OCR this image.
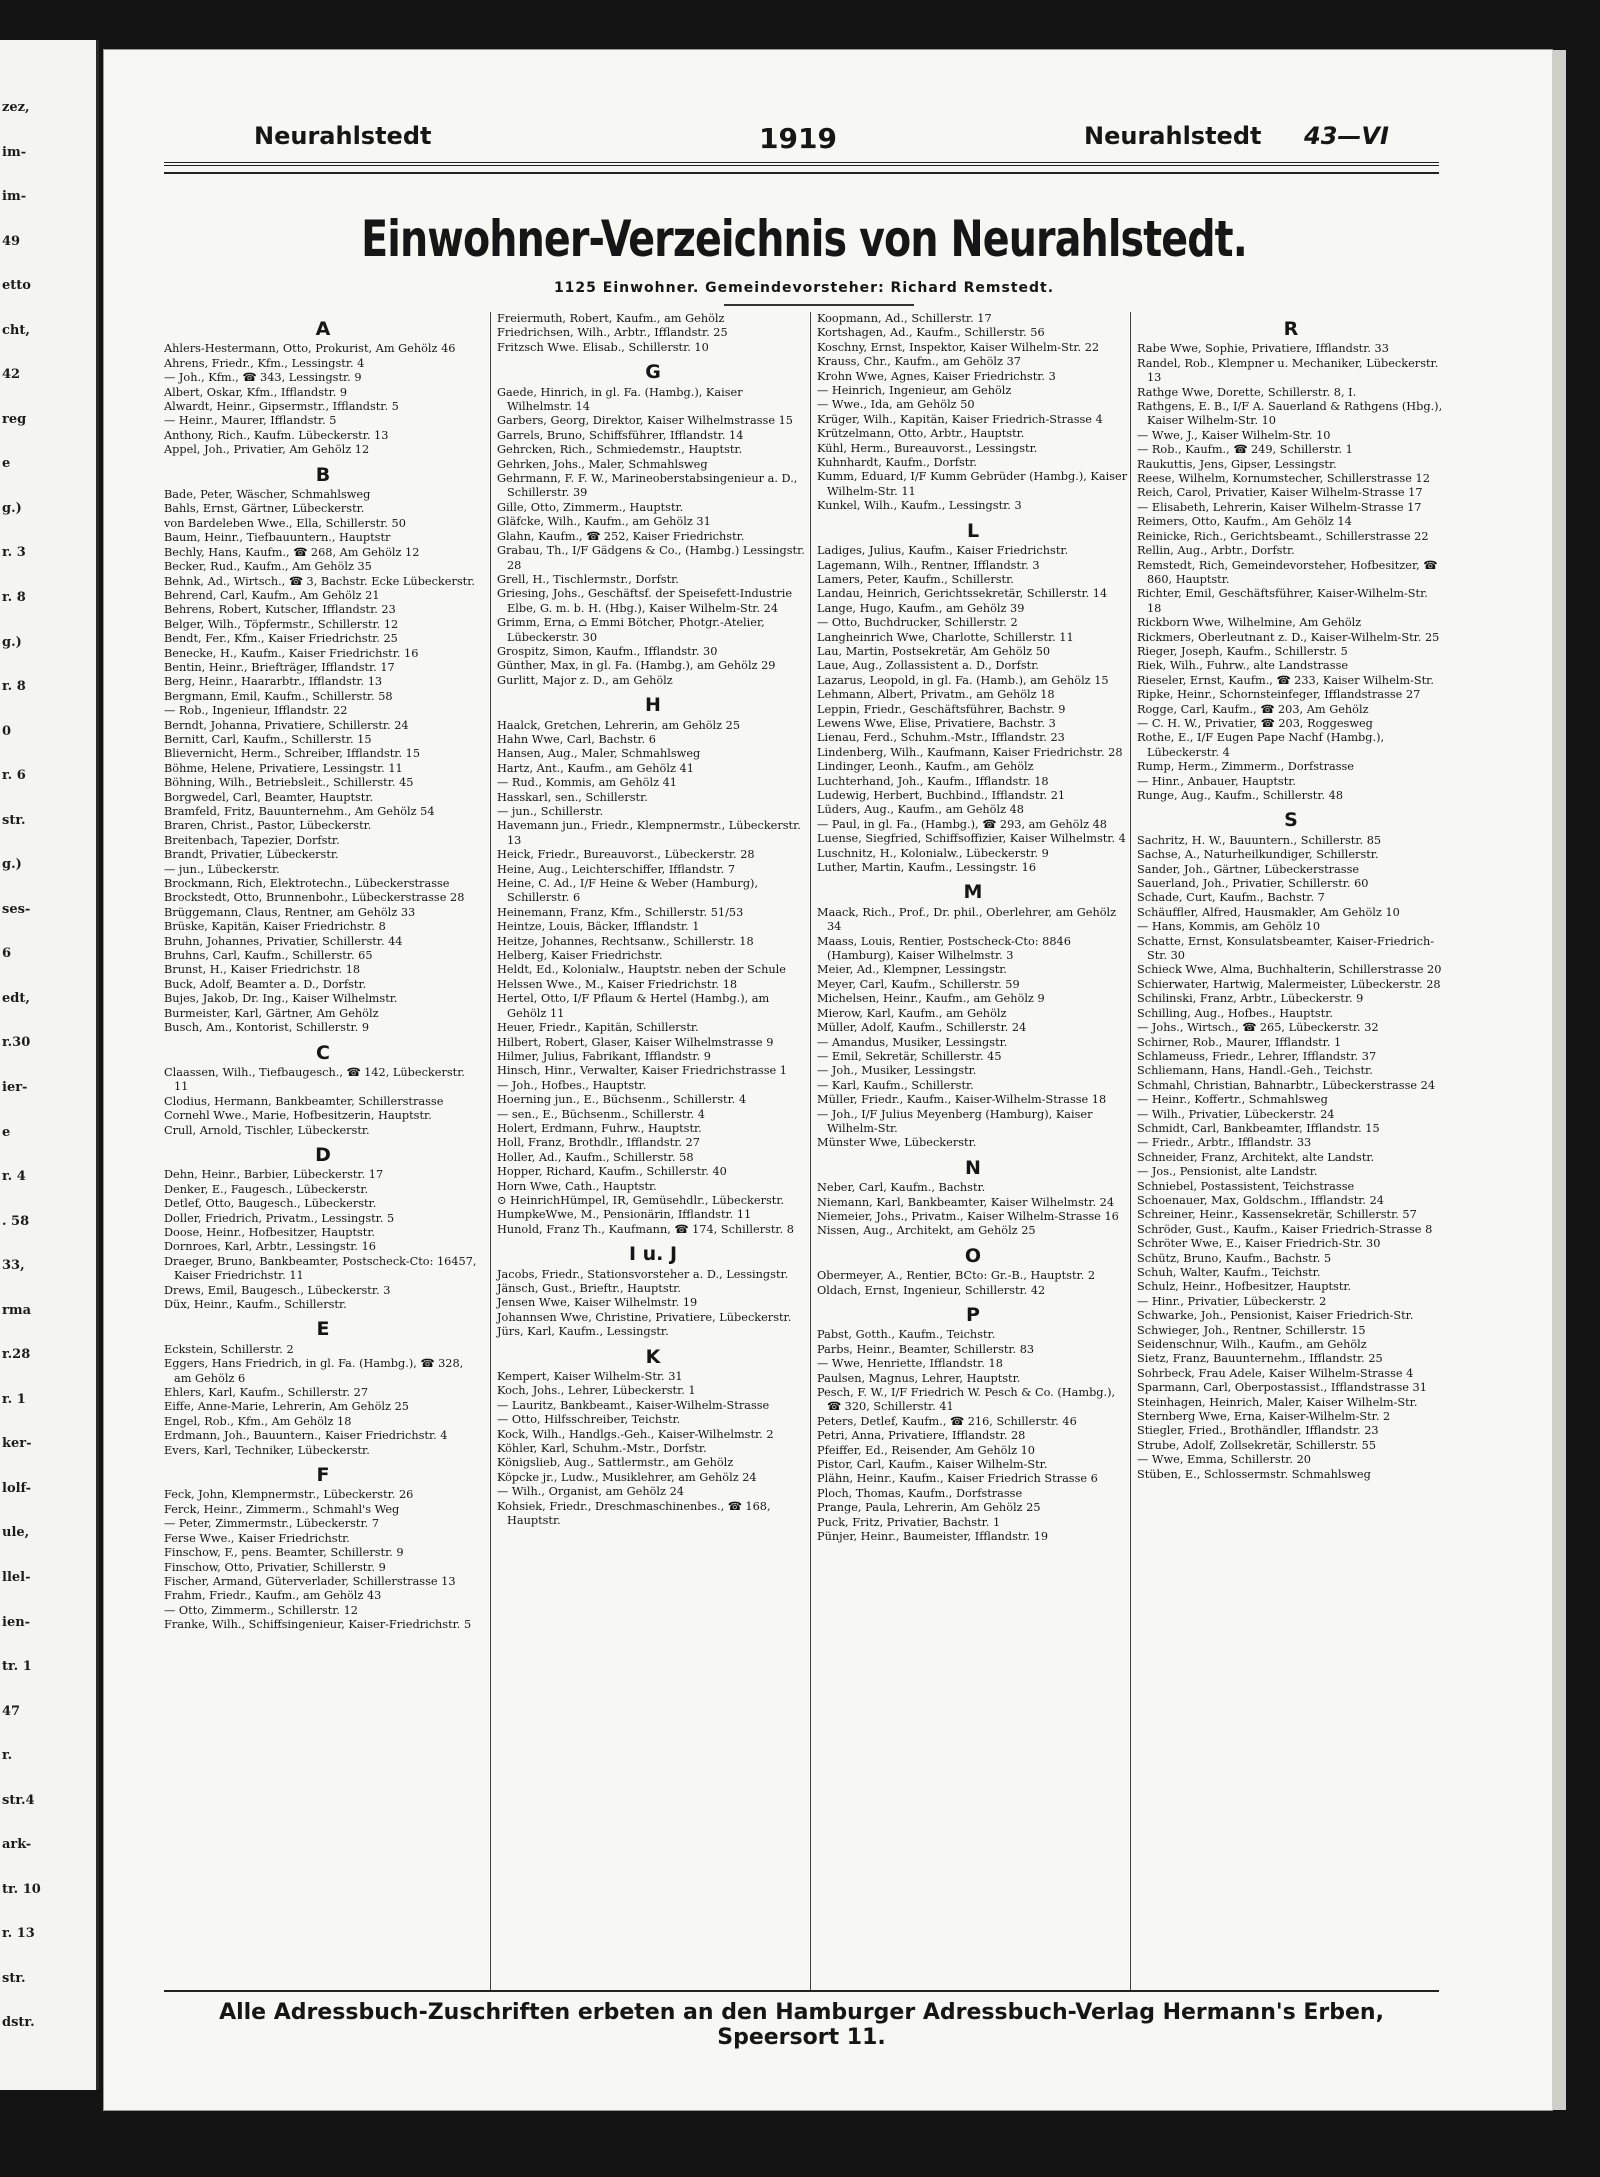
zez,
im-
im-
49
etto
cht,
42
reg
e
g.)
r. 3
r. 8
g.)
r. 8
0
r. 6
str.
g.)
ses-
6
edt,
r.30
ier-
e
r. 4
. 58
33,
rma
r.28
r. 1
ker-
lolf-
ule,
llel-
ien-
tr. 1
47
r.
str.4
ark-
tr. 10
r. 13
str.
dstr.
Neurahlstedt	1919	Neurahlstedt 43—VI
Einwohner-Verzeichnis von Neurahlstedt.
1125 Einwohner. Gemeindevorsteher: Richard Remstedt.
A
Ahlers-Hestermann, Otto, Prokurist, Am Gehölz 46
Ahrens, Friedr., Kfm., Lessingstr. 4
— Joh., Kfm., ☎ 343, Lessingstr. 9
Albert, Oskar, Kfm., Ifflandstr. 9
Alwardt, Heinr., Gipsermstr., Ifflandstr. 5
— Heinr., Maurer, Ifflandstr. 5
Anthony, Rich., Kaufm. Lübeckerstr. 13
Appel, Joh., Privatier, Am Gehölz 12
B
Bade, Peter, Wäscher, Schmahlsweg
Bahls, Ernst, Gärtner, Lübeckerstr.
von Bardeleben Wwe., Ella, Schillerstr. 50
Baum, Heinr., Tiefbauuntern., Hauptstr
Bechly, Hans, Kaufm., ☎ 268, Am Gehölz 12
Becker, Rud., Kaufm., Am Gehölz 35
Behnk, Ad., Wirtsch., ☎ 3, Bachstr. Ecke Lübeckerstr.
Behrend, Carl, Kaufm., Am Gehölz 21
Behrens, Robert, Kutscher, Ifflandstr. 23
Belger, Wilh., Töpfermstr., Schillerstr. 12
Bendt, Fer., Kfm., Kaiser Friedrichstr. 25
Benecke, H., Kaufm., Kaiser Friedrichstr. 16
Bentin, Heinr., Briefträger, Ifflandstr. 17
Berg, Heinr., Haararbtr., Ifflandstr. 13
Bergmann, Emil, Kaufm., Schillerstr. 58
— Rob., Ingenieur, Ifflandstr. 22
Berndt, Johanna, Privatiere, Schillerstr. 24
Bernitt, Carl, Kaufm., Schillerstr. 15
Blievernicht, Herm., Schreiber, Ifflandstr. 15
Böhme, Helene, Privatiere, Lessingstr. 11
Böhning, Wilh., Betriebsleit., Schillerstr. 45
Borgwedel, Carl, Beamter, Hauptstr.
Bramfeld, Fritz, Bauunternehm., Am Gehölz 54
Braren, Christ., Pastor, Lübeckerstr.
Breitenbach, Tapezier, Dorfstr.
Brandt, Privatier, Lübeckerstr.
— jun., Lübeckerstr.
Brockmann, Rich, Elektrotechn., Lübeckerstrasse
Brockstedt, Otto, Brunnenbohr., Lübeckerstrasse 28
Brüggemann, Claus, Rentner, am Gehölz 33
Brüske, Kapitän, Kaiser Friedrichstr. 8
Bruhn, Johannes, Privatier, Schillerstr. 44
Bruhns, Carl, Kaufm., Schillerstr. 65
Brunst, H., Kaiser Friedrichstr. 18
Buck, Adolf, Beamter a. D., Dorfstr.
Bujes, Jakob, Dr. Ing., Kaiser Wilhelmstr.
Burmeister, Karl, Gärtner, Am Gehölz
Busch, Am., Kontorist, Schillerstr. 9
C
Claassen, Wilh., Tiefbaugesch., ☎ 142, Lübeckerstr. 11
Clodius, Hermann, Bankbeamter, Schillerstrasse
Cornehl Wwe., Marie, Hofbesitzerin, Hauptstr.
Crull, Arnold, Tischler, Lübeckerstr.
D
Dehn, Heinr., Barbier, Lübeckerstr. 17
Denker, E., Faugesch., Lübeckerstr.
Detlef, Otto, Baugesch., Lübeckerstr.
Doller, Friedrich, Privatm., Lessingstr. 5
Doose, Heinr., Hofbesitzer, Hauptstr.
Dornroes, Karl, Arbtr., Lessingstr. 16
Draeger, Bruno, Bankbeamter, Postscheck-Cto: 16457, Kaiser Friedrichstr. 11
Drews, Emil, Baugesch., Lübeckerstr. 3
Düx, Heinr., Kaufm., Schillerstr.
E
Eckstein, Schillerstr. 2
Eggers, Hans Friedrich, in gl. Fa. (Hambg.), ☎ 328, am Gehölz 6
Ehlers, Karl, Kaufm., Schillerstr. 27
Eiffe, Anne-Marie, Lehrerin, Am Gehölz 25
Engel, Rob., Kfm., Am Gehölz 18
Erdmann, Joh., Bauuntern., Kaiser Friedrichstr. 4
Evers, Karl, Techniker, Lübeckerstr.
F
Feck, John, Klempnermstr., Lübeckerstr. 26
Ferck, Heinr., Zimmerm., Schmahl's Weg
— Peter, Zimmermstr., Lübeckerstr. 7
Ferse Wwe., Kaiser Friedrichstr.
Finschow, F., pens. Beamter, Schillerstr. 9
Finschow, Otto, Privatier, Schillerstr. 9
Fischer, Armand, Güterverlader, Schillerstrasse 13
Frahm, Friedr., Kaufm., am Gehölz 43
— Otto, Zimmerm., Schillerstr. 12
Franke, Wilh., Schiffsingenieur, Kaiser-Friedrichstr. 5
Freiermuth, Robert, Kaufm., am Gehölz
Friedrichsen, Wilh., Arbtr., Ifflandstr. 25
Fritzsch Wwe. Elisab., Schillerstr. 10
G
Gaede, Hinrich, in gl. Fa. (Hambg.), Kaiser Wilhelmstr. 14
Garbers, Georg, Direktor, Kaiser Wilhelmstrasse 15
Garrels, Bruno, Schiffsführer, Ifflandstr. 14
Gehrcken, Rich., Schmiedemstr., Hauptstr.
Gehrken, Johs., Maler, Schmahlsweg
Gehrmann, F. F. W., Marineoberstabsingenieur a. D., Schillerstr. 39
Gille, Otto, Zimmerm., Hauptstr.
Gläfcke, Wilh., Kaufm., am Gehölz 31
Glahn, Kaufm., ☎ 252, Kaiser Friedrichstr.
Grabau, Th., I/F Gädgens & Co., (Hambg.) Lessingstr. 28
Grell, H., Tischlermstr., Dorfstr.
Griesing, Johs., Geschäftsf. der Speisefett-Industrie Elbe, G. m. b. H. (Hbg.), Kaiser Wilhelm-Str. 24
Grimm, Erna, ⌂ Emmi Bötcher, Photgr.-Atelier, Lübeckerstr. 30
Grospitz, Simon, Kaufm., Ifflandstr. 30
Günther, Max, in gl. Fa. (Hambg.), am Gehölz 29
Gurlitt, Major z. D., am Gehölz
H
Haalck, Gretchen, Lehrerin, am Gehölz 25
Hahn Wwe, Carl, Bachstr. 6
Hansen, Aug., Maler, Schmahlsweg
Hartz, Ant., Kaufm., am Gehölz 41
— Rud., Kommis, am Gehölz 41
Hasskarl, sen., Schillerstr.
— jun., Schillerstr.
Havemann jun., Friedr., Klempnermstr., Lübeckerstr. 13
Heick, Friedr., Bureauvorst., Lübeckerstr. 28
Heine, Aug., Leichterschiffer, Ifflandstr. 7
Heine, C. Ad., I/F Heine & Weber (Hamburg), Schillerstr. 6
Heinemann, Franz, Kfm., Schillerstr. 51/53
Heintze, Louis, Bäcker, Ifflandstr. 1
Heitze, Johannes, Rechtsanw., Schillerstr. 18
Helberg, Kaiser Friedrichstr.
Heldt, Ed., Kolonialw., Hauptstr. neben der Schule
Helssen Wwe., M., Kaiser Friedrichstr. 18
Hertel, Otto, I/F Pflaum & Hertel (Hambg.), am Gehölz 11
Heuer, Friedr., Kapitän, Schillerstr.
Hilbert, Robert, Glaser, Kaiser Wilhelmstrasse 9
Hilmer, Julius, Fabrikant, Ifflandstr. 9
Hinsch, Hinr., Verwalter, Kaiser Friedrichstrasse 1
— Joh., Hofbes., Hauptstr.
Hoerning jun., E., Büchsenm., Schillerstr. 4
— sen., E., Büchsenm., Schillerstr. 4
Holert, Erdmann, Fuhrw., Hauptstr.
Holl, Franz, Brothdlr., Ifflandstr. 27
Holler, Ad., Kaufm., Schillerstr. 58
Hopper, Richard, Kaufm., Schillerstr. 40
Horn Wwe, Cath., Hauptstr.
⊙ HeinrichHümpel, IR, Gemüsehdlr., Lübeckerstr.
HumpkeWwe, M., Pensionärin, Ifflandstr. 11
Hunold, Franz Th., Kaufmann, ☎ 174, Schillerstr. 8
I u. J
Jacobs, Friedr., Stationsvorsteher a. D., Lessingstr.
Jänsch, Gust., Brieftr., Hauptstr.
Jensen Wwe, Kaiser Wilhelmstr. 19
Johannsen Wwe, Christine, Privatiere, Lübeckerstr.
Jürs, Karl, Kaufm., Lessingstr.
K
Kempert, Kaiser Wilhelm-Str. 31
Koch, Johs., Lehrer, Lübeckerstr. 1
— Lauritz, Bankbeamt., Kaiser-Wilhelm-Strasse
— Otto, Hilfsschreiber, Teichstr.
Kock, Wilh., Handlgs.-Geh., Kaiser-Wilhelmstr. 2
Köhler, Karl, Schuhm.-Mstr., Dorfstr.
Königslieb, Aug., Sattlermstr., am Gehölz
Köpcke jr., Ludw., Musiklehrer, am Gehölz 24
— Wilh., Organist, am Gehölz 24
Kohsiek, Friedr., Dreschmaschinenbes., ☎ 168, Hauptstr.
Koopmann, Ad., Schillerstr. 17
Kortshagen, Ad., Kaufm., Schillerstr. 56
Koschny, Ernst, Inspektor, Kaiser Wilhelm-Str. 22
Krauss, Chr., Kaufm., am Gehölz 37
Krohn Wwe, Agnes, Kaiser Friedrichstr. 3
— Heinrich, Ingenieur, am Gehölz
— Wwe., Ida, am Gehölz 50
Krüger, Wilh., Kapitän, Kaiser Friedrich-Strasse 4
Krützelmann, Otto, Arbtr., Hauptstr.
Kühl, Herm., Bureauvorst., Lessingstr.
Kuhnhardt, Kaufm., Dorfstr.
Kumm, Eduard, I/F Kumm Gebrüder (Hambg.), Kaiser Wilhelm-Str. 11
Kunkel, Wilh., Kaufm., Lessingstr. 3
L
Ladiges, Julius, Kaufm., Kaiser Friedrichstr.
Lagemann, Wilh., Rentner, Ifflandstr. 3
Lamers, Peter, Kaufm., Schillerstr.
Landau, Heinrich, Gerichtssekretär, Schillerstr. 14
Lange, Hugo, Kaufm., am Gehölz 39
— Otto, Buchdrucker, Schillerstr. 2
Langheinrich Wwe, Charlotte, Schillerstr. 11
Lau, Martin, Postsekretär, Am Gehölz 50
Laue, Aug., Zollassistent a. D., Dorfstr.
Lazarus, Leopold, in gl. Fa. (Hamb.), am Gehölz 15
Lehmann, Albert, Privatm., am Gehölz 18
Leppin, Friedr., Geschäftsführer, Bachstr. 9
Lewens Wwe, Elise, Privatiere, Bachstr. 3
Lienau, Ferd., Schuhm.-Mstr., Ifflandstr. 23
Lindenberg, Wilh., Kaufmann, Kaiser Friedrichstr. 28
Lindinger, Leonh., Kaufm., am Gehölz
Luchterhand, Joh., Kaufm., Ifflandstr. 18
Ludewig, Herbert, Buchbind., Ifflandstr. 21
Lüders, Aug., Kaufm., am Gehölz 48
— Paul, in gl. Fa., (Hambg.), ☎ 293, am Gehölz 48
Luense, Siegfried, Schiffsoffizier, Kaiser Wilhelmstr. 4
Luschnitz, H., Kolonialw., Lübeckerstr. 9
Luther, Martin, Kaufm., Lessingstr. 16
M
Maack, Rich., Prof., Dr. phil., Oberlehrer, am Gehölz 34
Maass, Louis, Rentier, Postscheck-Cto: 8846 (Hamburg), Kaiser Wilhelmstr. 3
Meier, Ad., Klempner, Lessingstr.
Meyer, Carl, Kaufm., Schillerstr. 59
Michelsen, Heinr., Kaufm., am Gehölz 9
Mierow, Karl, Kaufm., am Gehölz
Müller, Adolf, Kaufm., Schillerstr. 24
— Amandus, Musiker, Lessingstr.
— Emil, Sekretär, Schillerstr. 45
— Joh., Musiker, Lessingstr.
— Karl, Kaufm., Schillerstr.
Müller, Friedr., Kaufm., Kaiser-Wilhelm-Strasse 18
— Joh., I/F Julius Meyenberg (Hamburg), Kaiser Wilhelm-Str.
Münster Wwe, Lübeckerstr.
N
Neber, Carl, Kaufm., Bachstr.
Niemann, Karl, Bankbeamter, Kaiser Wilhelmstr. 24
Niemeier, Johs., Privatm., Kaiser Wilhelm-Strasse 16
Nissen, Aug., Architekt, am Gehölz 25
O
Obermeyer, A., Rentier, BCto: Gr.-B., Hauptstr. 2
Oldach, Ernst, Ingenieur, Schillerstr. 42
P
Pabst, Gotth., Kaufm., Teichstr.
Parbs, Heinr., Beamter, Schillerstr. 83
— Wwe, Henriette, Ifflandstr. 18
Paulsen, Magnus, Lehrer, Hauptstr.
Pesch, F. W., I/F Friedrich W. Pesch & Co. (Hambg.), ☎ 320, Schillerstr. 41
Peters, Detlef, Kaufm., ☎ 216, Schillerstr. 46
Petri, Anna, Privatiere, Ifflandstr. 28
Pfeiffer, Ed., Reisender, Am Gehölz 10
Pistor, Carl, Kaufm., Kaiser Wilhelm-Str.
Plähn, Heinr., Kaufm., Kaiser Friedrich Strasse 6
Ploch, Thomas, Kaufm., Dorfstrasse
Prange, Paula, Lehrerin, Am Gehölz 25
Puck, Fritz, Privatier, Bachstr. 1
Pünjer, Heinr., Baumeister, Ifflandstr. 19
R
Rabe Wwe, Sophie, Privatiere, Ifflandstr. 33
Randel, Rob., Klempner u. Mechaniker, Lübeckerstr. 13
Rathge Wwe, Dorette, Schillerstr. 8, I.
Rathgens, E. B., I/F A. Sauerland & Rathgens (Hbg.), Kaiser Wilhelm-Str. 10
— Wwe, J., Kaiser Wilhelm-Str. 10
— Rob., Kaufm., ☎ 249, Schillerstr. 1
Raukuttis, Jens, Gipser, Lessingstr.
Reese, Wilhelm, Kornumstecher, Schillerstrasse 12
Reich, Carol, Privatier, Kaiser Wilhelm-Strasse 17
— Elisabeth, Lehrerin, Kaiser Wilhelm-Strasse 17
Reimers, Otto, Kaufm., Am Gehölz 14
Reinicke, Rich., Gerichtsbeamt., Schillerstrasse 22
Rellin, Aug., Arbtr., Dorfstr.
Remstedt, Rich, Gemeindevorsteher, Hofbesitzer, ☎ 860, Hauptstr.
Richter, Emil, Geschäftsführer, Kaiser-Wilhelm-Str. 18
Rickborn Wwe, Wilhelmine, Am Gehölz
Rickmers, Oberleutnant z. D., Kaiser-Wilhelm-Str. 25
Rieger, Joseph, Kaufm., Schillerstr. 5
Riek, Wilh., Fuhrw., alte Landstrasse
Rieseler, Ernst, Kaufm., ☎ 233, Kaiser Wilhelm-Str.
Ripke, Heinr., Schornsteinfeger, Ifflandstrasse 27
Rogge, Carl, Kaufm., ☎ 203, Am Gehölz
— C. H. W., Privatier, ☎ 203, Roggesweg
Rothe, E., I/F Eugen Pape Nachf (Hambg.), Lübeckerstr. 4
Rump, Herm., Zimmerm., Dorfstrasse
— Hinr., Anbauer, Hauptstr.
Runge, Aug., Kaufm., Schillerstr. 48
S
Sachritz, H. W., Bauuntern., Schillerstr. 85
Sachse, A., Naturheilkundiger, Schillerstr.
Sander, Joh., Gärtner, Lübeckerstrasse
Sauerland, Joh., Privatier, Schillerstr. 60
Schade, Curt, Kaufm., Bachstr. 7
Schäuffler, Alfred, Hausmakler, Am Gehölz 10
— Hans, Kommis, am Gehölz 10
Schatte, Ernst, Konsulatsbeamter, Kaiser-Friedrich-Str. 30
Schieck Wwe, Alma, Buchhalterin, Schillerstrasse 20
Schierwater, Hartwig, Malermeister, Lübeckerstr. 28
Schilinski, Franz, Arbtr., Lübeckerstr. 9
Schilling, Aug., Hofbes., Hauptstr.
— Johs., Wirtsch., ☎ 265, Lübeckerstr. 32
Schirner, Rob., Maurer, Ifflandstr. 1
Schlameuss, Friedr., Lehrer, Ifflandstr. 37
Schliemann, Hans, Handl.-Geh., Teichstr.
Schmahl, Christian, Bahnarbtr., Lübeckerstrasse 24
— Heinr., Koffertr., Schmahlsweg
— Wilh., Privatier, Lübeckerstr. 24
Schmidt, Carl, Bankbeamter, Ifflandstr. 15
— Friedr., Arbtr., Ifflandstr. 33
Schneider, Franz, Architekt, alte Landstr.
— Jos., Pensionist, alte Landstr.
Schniebel, Postassistent, Teichstrasse
Schoenauer, Max, Goldschm., Ifflandstr. 24
Schreiner, Heinr., Kassensekretär, Schillerstr. 57
Schröder, Gust., Kaufm., Kaiser Friedrich-Strasse 8
Schröter Wwe, E., Kaiser Friedrich-Str. 30
Schütz, Bruno, Kaufm., Bachstr. 5
Schuh, Walter, Kaufm., Teichstr.
Schulz, Heinr., Hofbesitzer, Hauptstr.
— Hinr., Privatier, Lübeckerstr. 2
Schwarke, Joh., Pensionist, Kaiser Friedrich-Str.
Schwieger, Joh., Rentner, Schillerstr. 15
Seidenschnur, Wilh., Kaufm., am Gehölz
Sietz, Franz, Bauunternehm., Ifflandstr. 25
Sohrbeck, Frau Adele, Kaiser Wilhelm-Strasse 4
Sparmann, Carl, Oberpostassist., Ifflandstrasse 31
Steinhagen, Heinrich, Maler, Kaiser Wilhelm-Str.
Sternberg Wwe, Erna, Kaiser-Wilhelm-Str. 2
Stiegler, Fried., Brothändler, Ifflandstr. 23
Strube, Adolf, Zollsekretär, Schillerstr. 55
— Wwe, Emma, Schillerstr. 20
Stüben, E., Schlossermstr. Schmahlsweg
Alle Adressbuch-Zuschriften erbeten an den Hamburger Adressbuch-Verlag Hermann's Erben, Speersort 11.
